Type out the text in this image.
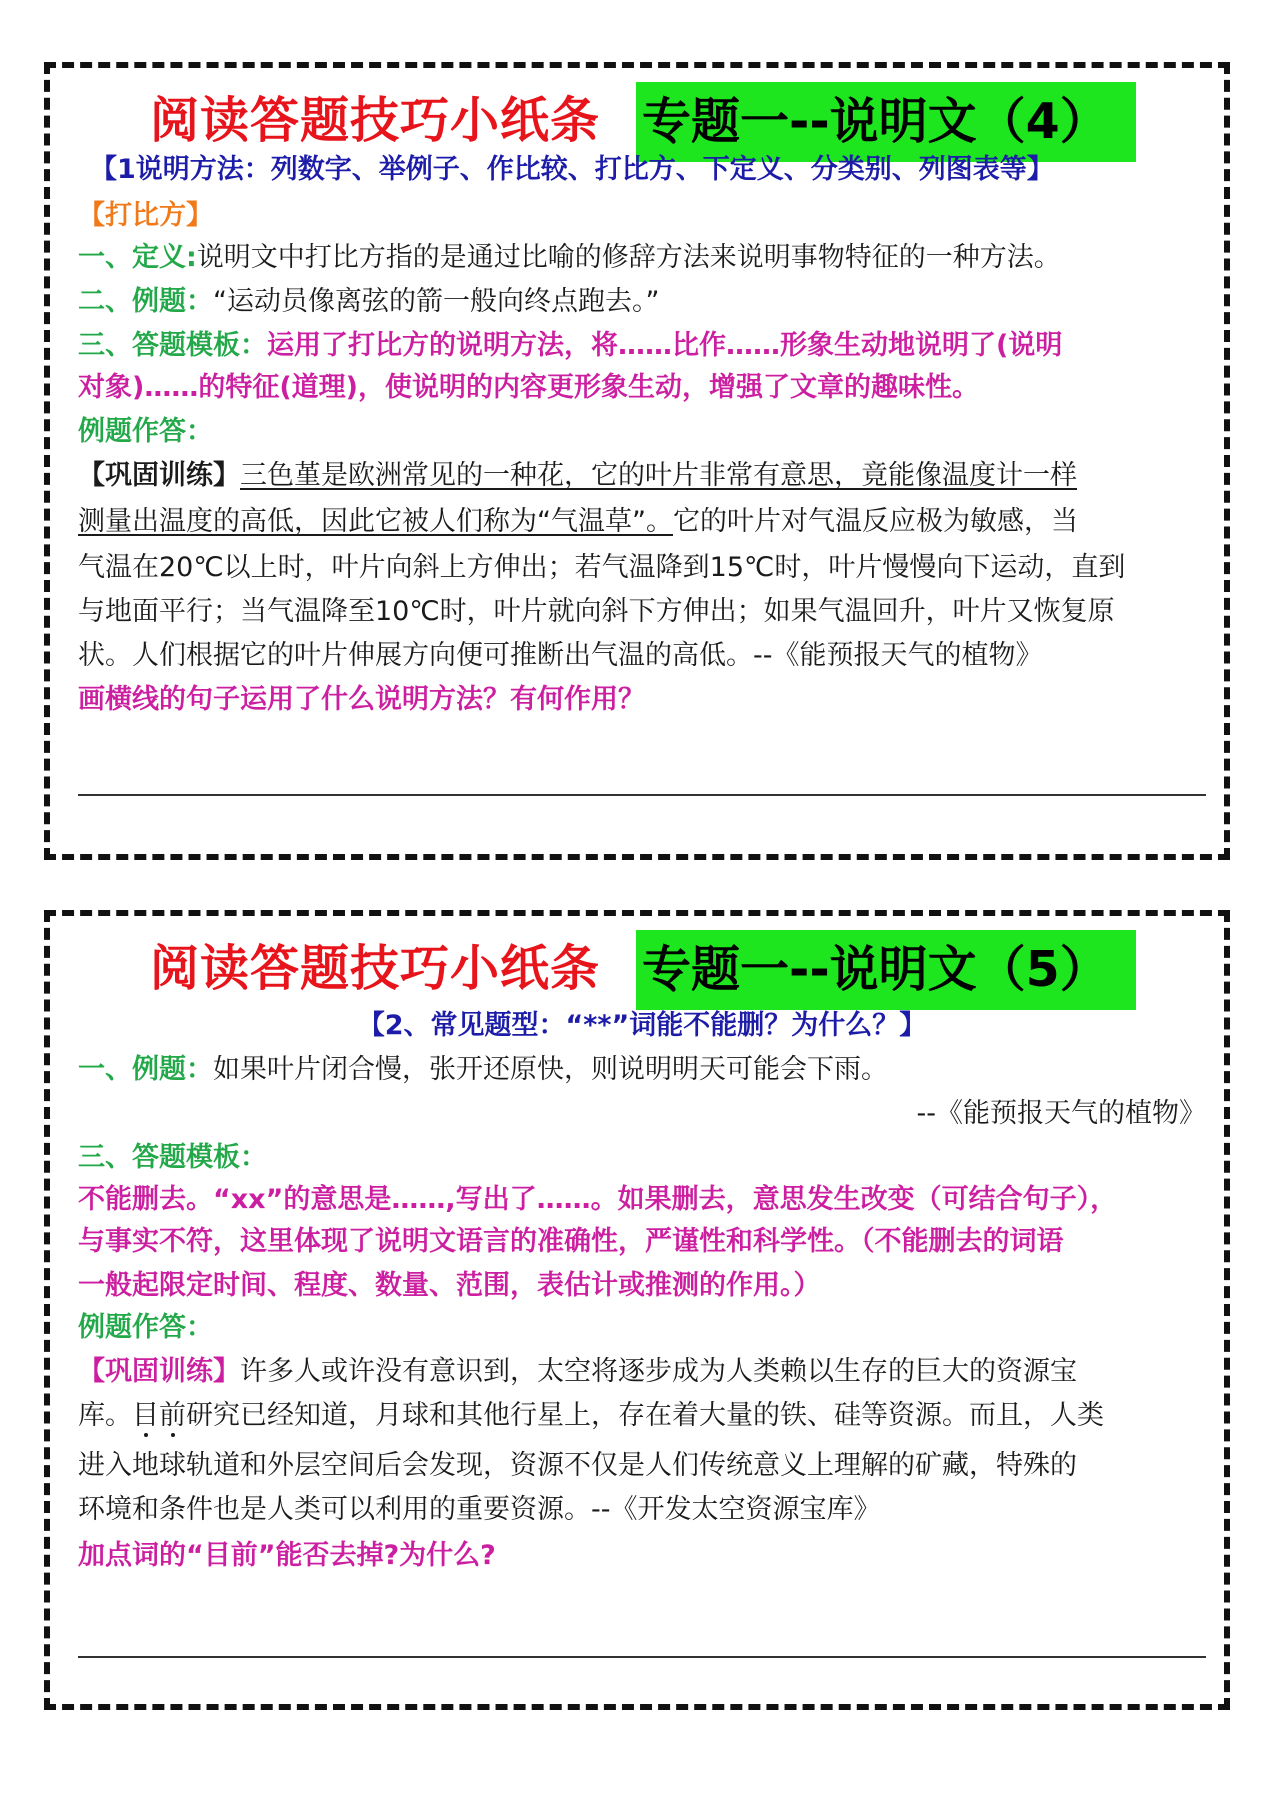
阅读答题技巧小纸条 专题一--说明文（4）
【1说明方法：列数字、举例子、作比较、打比方、下定义、分类别、列图表等】
【打比方】
一、定义:说明文中打比方指的是通过比喻的修辞方法来说明事物特征的一种方法。
二、例题：“运动员像离弦的箭一般向终点跑去。”
三、答题模板：运用了打比方的说明方法，将……比作……形象生动地说明了(说明
对象)……的特征(道理)，使说明的内容更形象生动，增强了文章的趣味性。
例题作答：
【巩固训练】三色堇是欧洲常见的一种花，它的叶片非常有意思，竟能像温度计一样
测量出温度的高低，因此它被人们称为“气温草”。它的叶片对气温反应极为敏感，当
气温在20℃以上时，叶片向斜上方伸出；若气温降到15℃时，叶片慢慢向下运动，直到
与地面平行；当气温降至10℃时，叶片就向斜下方伸出；如果气温回升，叶片又恢复原
状。人们根据它的叶片伸展方向便可推断出气温的高低。--《能预报天气的植物》
画横线的句子运用了什么说明方法？有何作用？
阅读答题技巧小纸条 专题一--说明文（5）
【2、常见题型：“**”词能不能删？为什么？】
一、例题：如果叶片闭合慢，张开还原快，则说明明天可能会下雨。
--《能预报天气的植物》
三、答题模板：
不能删去。“xx”的意思是……,写出了……。如果删去，意思发生改变（可结合句子），
与事实不符，这里体现了说明文语言的准确性，严谨性和科学性。（不能删去的词语
一般起限定时间、程度、数量、范围，表估计或推测的作用。）
例题作答：
【巩固训练】许多人或许没有意识到，太空将逐步成为人类赖以生存的巨大的资源宝
库。目前研究已经知道，月球和其他行星上，存在着大量的铁、硅等资源。而且，人类
进入地球轨道和外层空间后会发现，资源不仅是人们传统意义上理解的矿藏，特殊的
环境和条件也是人类可以利用的重要资源。--《开发太空资源宝库》
加点词的“目前”能否去掉?为什么?
